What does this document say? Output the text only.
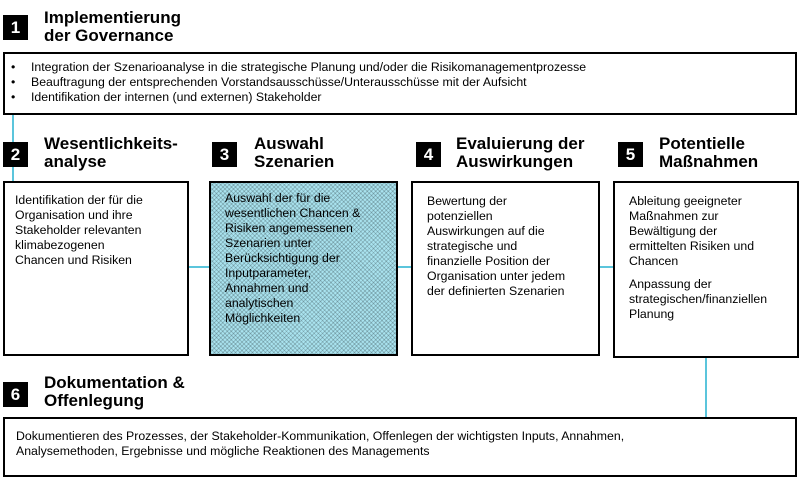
1	Implementierung
der Governance
• Integration der Szenarioanalyse in die strategische Planung und/oder die Risikomanagementprozesse
• Beauftragung der entsprechenden Vorstandsausschüsse/Unterausschüsse mit der Aufsicht
• Identifikation der internen (und externen) Stakeholder
2
Wesentlichkeits-
analyse

Identifikation der für die
Organisation und ihre
Stakeholder relevanten
klimabezogenen
Chancen und Risiken

3
Auswahl
Szenarien

Auswahl der für die
wesentlichen Chancen &
Risiken angemessenen
Szenarien unter
Berücksichtigung der
Inputparameter,
Annahmen und
analytischen
Möglichkeiten

4
Evaluierung der
Auswirkungen

Bewertung der
potenziellen
Auswirkungen auf die
strategische und
finanzielle Position der
Organisation unter jedem
der definierten Szenarien

5
Potentielle
Maßnahmen

Ableitung geeigneter
Maßnahmen zur
Bewältigung der
ermittelten Risiken und
Chancen

Anpassung der
strategischen/finanziellen
Planung

6
Dokumentation &
Offenlegung

Dokumentieren des Prozesses, der Stakeholder-Kommunikation, Offenlegen der wichtigsten Inputs, Annahmen,
Analysemethoden, Ergebnisse und mögliche Reaktionen des Managements
